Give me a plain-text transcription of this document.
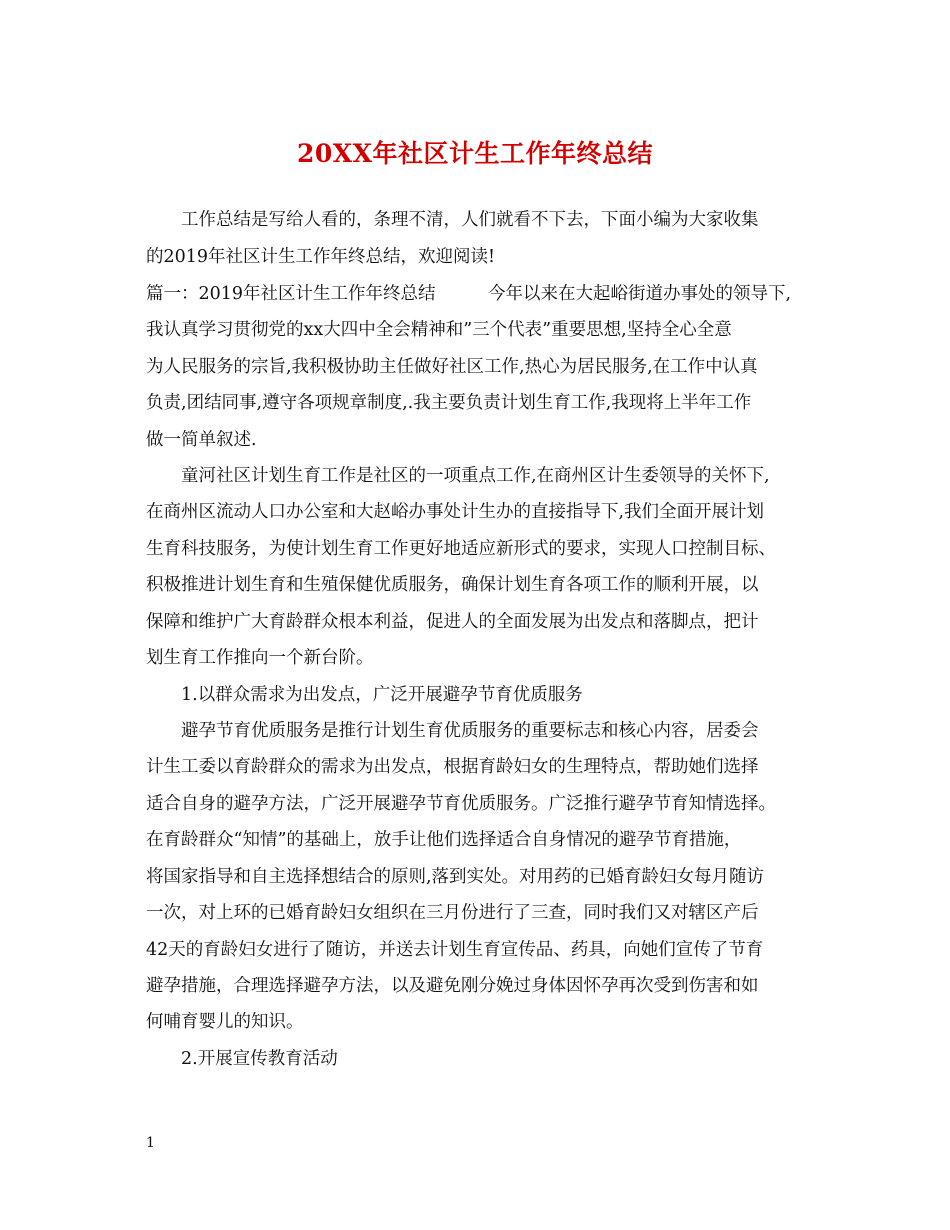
20XX年社区计生工作年终总结
工作总结是写给人看的，条理不清，人们就看不下去，下面小编为大家收集
的2019年社区计生工作年终总结，欢迎阅读!
篇一：2019年社区计生工作年终总结　　　今年以来在大起峪街道办事处的领导下,
我认真学习贯彻党的xx大四中全会精神和”三个代表”重要思想,坚持全心全意
为人民服务的宗旨,我积极协助主任做好社区工作,热心为居民服务,在工作中认真
负责,团结同事,遵守各项规章制度,.我主要负责计划生育工作,我现将上半年工作
做一简单叙述.
童河社区计划生育工作是社区的一项重点工作,在商州区计生委领导的关怀下,
在商州区流动人口办公室和大赵峪办事处计生办的直接指导下,我们全面开展计划
生育科技服务，为使计划生育工作更好地适应新形式的要求，实现人口控制目标、
积极推进计划生育和生殖保健优质服务，确保计划生育各项工作的顺利开展，以
保障和维护广大育龄群众根本利益，促进人的全面发展为出发点和落脚点，把计
划生育工作推向一个新台阶。
1.以群众需求为出发点，广泛开展避孕节育优质服务
避孕节育优质服务是推行计划生育优质服务的重要标志和核心内容，居委会
计生工委以育龄群众的需求为出发点，根据育龄妇女的生理特点，帮助她们选择
适合自身的避孕方法，广泛开展避孕节育优质服务。广泛推行避孕节育知情选择。
在育龄群众“知情”的基础上，放手让他们选择适合自身情况的避孕节育措施，
将国家指导和自主选择想结合的原则,落到实处。对用药的已婚育龄妇女每月随访
一次，对上环的已婚育龄妇女组织在三月份进行了三查，同时我们又对辖区产后
42天的育龄妇女进行了随访，并送去计划生育宣传品、药具，向她们宣传了节育
避孕措施，合理选择避孕方法，以及避免刚分娩过身体因怀孕再次受到伤害和如
何哺育婴儿的知识。
2.开展宣传教育活动
1
